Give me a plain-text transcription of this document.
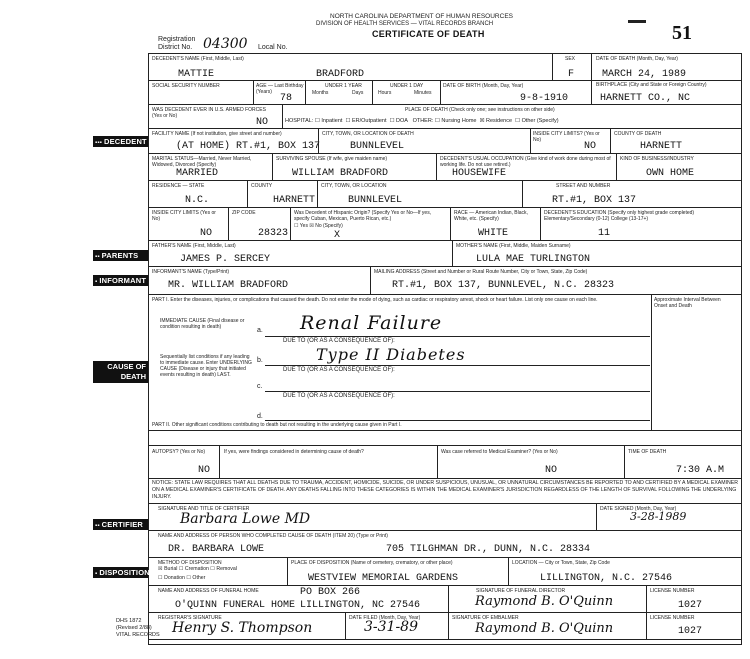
NORTH CAROLINA DEPARTMENT OF HUMAN RESOURCES
DIVISION OF HEALTH SERVICES — VITAL RECORDS BRANCH
CERTIFICATE OF DEATH
Registration
District No. 04300 Local No.
51
▪▪▪ DECEDENT
▪▪ PARENTS
▪ INFORMANT
CAUSE OF DEATH
▪▪ CERTIFIER
▪ DISPOSITION
DECEDENT'S NAME (First, Middle, Last)
MATTIE	BRADFORD
SEX
F
DATE OF DEATH (Month, Day, Year)
MARCH 24, 1989
SOCIAL SECURITY NUMBER	AGE — Last Birthday (Years)
78
UNDER 1 YEAR
Months	Days
UNDER 1 DAY
Hours	Minutes
DATE OF BIRTH (Month, Day, Year)
9-8-1910
BIRTHPLACE (City and State or Foreign Country)
HARNETT CO., NC
WAS DECEDENT EVER IN U.S. ARMED FORCES (Yes or No)
NO
PLACE OF DEATH (Check only one; see instructions on other side)
HOSPITAL: ☐ Inpatient ☐ ER/Outpatient ☐ DOA OTHER: ☐ Nursing Home ☒ Residence ☐ Other (Specify)
FACILITY NAME (If not institution, give street and number)
(AT HOME) RT.#1, BOX 137
CITY, TOWN, OR LOCATION OF DEATH
BUNNLEVEL
INSIDE CITY LIMITS? (Yes or No)
NO
COUNTY OF DEATH
HARNETT
MARITAL STATUS—Married, Never Married, Widowed, Divorced (Specify)
MARRIED
SURVIVING SPOUSE (If wife, give maiden name)
WILLIAM BRADFORD
DECEDENT'S USUAL OCCUPATION (Give kind of work done during most of working life. Do not use retired.)
HOUSEWIFE
KIND OF BUSINESS/INDUSTRY
OWN HOME
RESIDENCE — STATE
N.C.
COUNTY
HARNETT
CITY, TOWN, OR LOCATION
BUNNLEVEL
STREET AND NUMBER
RT.#1, BOX 137
INSIDE CITY LIMITS (Yes or No)
NO
ZIP CODE
28323
Was Decedent of Hispanic Origin? (Specify Yes or No—If yes, specify Cuban, Mexican, Puerto Rican, etc.)
☐ Yes ☒ No (Specify)
X
RACE — American Indian, Black, White, etc. (Specify)
WHITE
DECEDENT'S EDUCATION (Specify only highest grade completed) Elementary/Secondary (0-12) College (13-17+)
11
FATHER'S NAME (First, Middle, Last)
JAMES P. SERCEY
MOTHER'S NAME (First, Middle, Maiden Surname)
LULA MAE TURLINGTON
INFORMANT'S NAME (Type/Print)
MR. WILLIAM BRADFORD
MAILING ADDRESS (Street and Number or Rural Route Number, City or Town, State, Zip Code)
RT.#1, BOX 137, BUNNLEVEL, N.C. 28323
PART I. Enter the diseases, injuries, or complications that caused the death. Do not enter the mode of dying, such as cardiac or respiratory arrest, shock or heart failure. List only one cause on each line.	Approximate Interval Between Onset and Death
IMMEDIATE CAUSE (Final disease or condition resulting in death)	a. Renal Failure
DUE TO (OR AS A CONSEQUENCE OF):
Sequentially list conditions if any leading to immediate cause. Enter UNDERLYING CAUSE (Disease or injury that initiated events resulting in death) LAST.
b.	Type II Diabetes
DUE TO (OR AS A CONSEQUENCE OF):
c.
DUE TO (OR AS A CONSEQUENCE OF):
d.
PART II. Other significant conditions contributing to death but not resulting in the underlying cause given in Part I.
AUTOPSY? (Yes or No)
NO
If yes, were findings considered in determining cause of death?	Was case referred to Medical Examiner? (Yes or No)
NO
TIME OF DEATH
7:30 A.M
NOTICE: STATE LAW REQUIRES THAT ALL DEATHS DUE TO TRAUMA, ACCIDENT, HOMICIDE, SUICIDE, OR UNDER SUSPICIOUS, UNUSUAL, OR UNNATURAL CIRCUMSTANCES BE REPORTED TO AND CERTIFIED BY A MEDICAL EXAMINER ON A MEDICAL EXAMINER'S CERTIFICATE OF DEATH. ANY DEATHS FALLING INTO THESE CATEGORIES IS WITHIN THE MEDICAL EXAMINER'S JURISDICTION REGARDLESS OF THE LENGTH OF SURVIVAL FOLLOWING THE UNDERLYING INJURY.
SIGNATURE AND TITLE OF CERTIFIER
Barbara Lowe MD
DATE SIGNED (Month, Day, Year)
3-28-1989
NAME AND ADDRESS OF PERSON WHO COMPLETED CAUSE OF DEATH (ITEM 20) (Type or Print)
DR. BARBARA LOWE	705 TILGHMAN DR., DUNN, N.C. 28334
METHOD OF DISPOSITION
☒ Burial ☐ Cremation ☐ Removal
☐ Donation ☐ Other
PLACE OF DISPOSITION (Name of cemetery, crematory, or other place)
WESTVIEW MEMORIAL GARDENS
LOCATION — City or Town, State, Zip Code
LILLINGTON, N.C. 27546
NAME AND ADDRESS OF FUNERAL HOME
O'QUINN FUNERAL HOME
PO BOX 266
LILLINGTON, NC 27546
SIGNATURE OF FUNERAL DIRECTOR
Raymond B. O'Quinn
LICENSE NUMBER
1027
REGISTRAR'S SIGNATURE
Henry S. Thompson
DATE FILED (Month, Day, Year)
3-31-89
SIGNATURE OF EMBALMER
Raymond B. O'Quinn
LICENSE NUMBER
1027
DHS 1872
(Revised 2/88)
VITAL RECORDS
